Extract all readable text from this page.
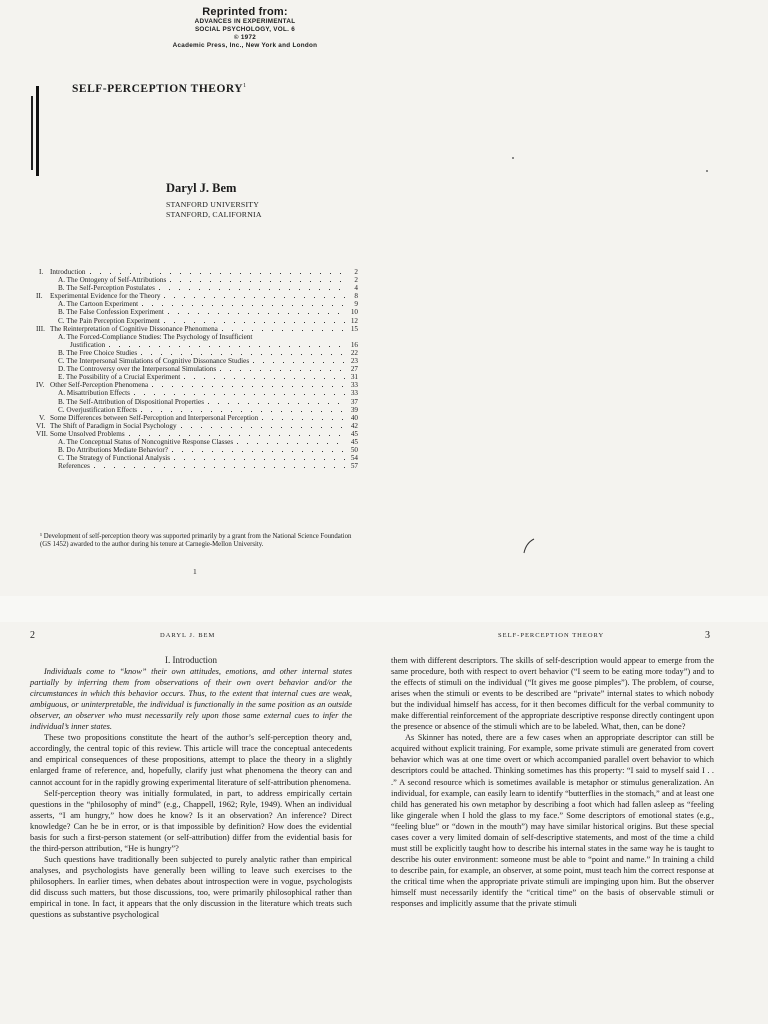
Reprinted from:
ADVANCES IN EXPERIMENTAL
SOCIAL PSYCHOLOGY, VOL. 6
© 1972
Academic Press, Inc., New York and London
SELF-PERCEPTION THEORY$^1$
Daryl J. Bem
STANFORD UNIVERSITY
STANFORD, CALIFORNIA
I. Introduction	2
A. The Ontogeny of Self-Attributions	2
B. The Self-Perception Postulates	4
II. Experimental Evidence for the Theory	8
A. The Cartoon Experiment	9
B. The False Confession Experiment	10
C. The Pain Perception Experiment	12
III. The Reinterpretation of Cognitive Dissonance Phenomena	15
A. The Forced-Compliance Studies: The Psychology of Insufficient
Justification	16
B. The Free Choice Studies	22
C. The Interpersonal Simulations of Cognitive Dissonance Studies	23
D. The Controversy over the Interpersonal Simulations	27
E. The Possibility of a Crucial Experiment	31
IV. Other Self-Perception Phenomena	33
A. Misattribution Effects	33
B. The Self-Attribution of Dispositional Properties	37
C. Overjustification Effects	39
V. Some Differences between Self-Perception and Interpersonal Perception	40
VI. The Shift of Paradigm in Social Psychology	42
VII. Some Unsolved Problems	45
A. The Conceptual Status of Noncognitive Response Classes	45
B. Do Attributions Mediate Behavior?	50
C. The Strategy of Functional Analysis	54
References	57
¹ Development of self-perception theory was supported primarily by a grant from the National Science Foundation (GS 1452) awarded to the author during his tenure at Carnegie-Mellon University.
1
2	DARYL J. BEM

I. Introduction

Individuals come to “know” their own attitudes, emotions, and other internal states partially by inferring them from observations of their own overt behavior and/or the circumstances in which this behavior occurs. Thus, to the extent that internal cues are weak, ambiguous, or uninterpretable, the individual is functionally in the same position as an outside observer, an observer who must necessarily rely upon those same external cues to infer the individual’s inner states.

These two propositions constitute the heart of the author’s self-perception theory and, accordingly, the central topic of this review. This article will trace the conceptual antecedents and empirical consequences of these propositions, attempt to place the theory in a slightly enlarged frame of reference, and, hopefully, clarify just what phenomena the theory can and cannot account for in the rapidly growing experimental literature of self-attribution phenomena.

Self-perception theory was initially formulated, in part, to address empirically certain questions in the “philosophy of mind” (e.g., Chappell, 1962; Ryle, 1949). When an individual asserts, “I am hungry,” how does he know? Is it an observation? An inference? Direct knowledge? Can he be in error, or is that impossible by definition? How does the evidential basis for such a first-person statement (or self-attribution) differ from the evidential basis for the third-person attribution, “He is hungry”?

Such questions have traditionally been subjected to purely analytic rather than empirical analyses, and psychologists have generally been willing to leave such exercises to the philosophers. In earlier times, when debates about introspection were in vogue, psychologists did discuss such matters, but those discussions, too, were primarily philosophical rather than empirical in tone. In fact, it appears that the only discussion in the literature which treats such questions as substantive psychological

SELF-PERCEPTION THEORY	3

them with different descriptors. The skills of self-description would appear to emerge from the same procedure, both with respect to overt behavior (“I seem to be eating more today”) and to the effects of stimuli on the individual (“It gives me goose pimples”). The problem, of course, arises when the stimuli or events to be described are “private” internal states to which nobody but the individual himself has access, for it then becomes difficult for the verbal community to make differential reinforcement of the appropriate descriptive response directly contingent upon the presence or absence of the stimuli which are to be labeled. What, then, can be done?

As Skinner has noted, there are a few cases when an appropriate descriptor can still be acquired without explicit training. For example, some private stimuli are generated from covert behavior which was at one time overt or which accompanied parallel overt behavior to which descriptors could be attached. Thinking sometimes has this property: “I said to myself said I . . .” A second resource which is sometimes available is metaphor or stimulus generalization. An individual, for example, can easily learn to identify “butterflies in the stomach,” and at least one child has generated his own metaphor by describing a foot which had fallen asleep as “feeling like gingerale when I hold the glass to my face.” Some descriptors of emotional states (e.g., “feeling blue” or “down in the mouth”) may have similar historical origins. But these special cases cover a very limited domain of self-descriptive statements, and most of the time a child must still be explicitly taught how to describe his internal states in the same way he is taught to describe his outer environment: someone must be able to “point and name.” In training a child to describe pain, for example, an observer, at some point, must teach him the correct response at the critical time when the appropriate private stimuli are impinging upon him. But the observer himself must necessarily identify the “critical time” on the basis of observable stimuli or responses and implicitly assume that the private stimuli
